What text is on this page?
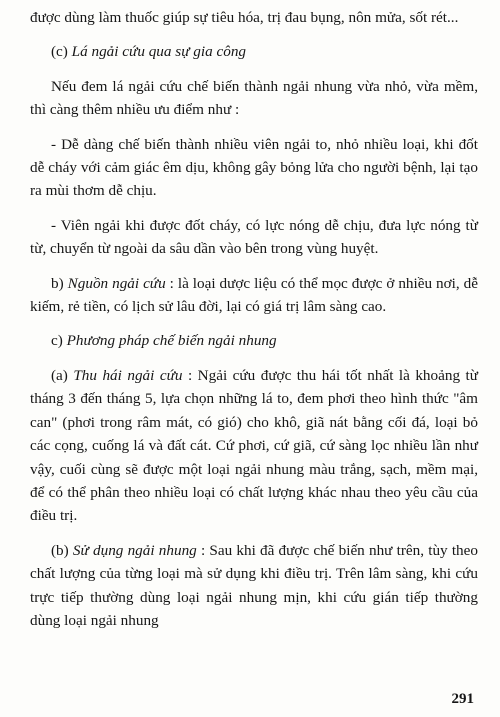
được dùng làm thuốc giúp sự tiêu hóa, trị đau bụng, nôn mửa, sốt rét...

(c) Lá ngải cứu qua sự gia công

Nếu đem lá ngải cứu chế biến thành ngải nhung vừa nhỏ, vừa mềm, thì càng thêm nhiều ưu điểm như :

- Dễ dàng chế biến thành nhiều viên ngải to, nhỏ nhiều loại, khi đốt dễ cháy với cảm giác êm dịu, không gây bỏng lửa cho người bệnh, lại tạo ra mùi thơm dễ chịu.

- Viên ngải khi được đốt cháy, có lực nóng dễ chịu, đưa lực nóng từ từ, chuyển từ ngoài da sâu dần vào bên trong vùng huyệt.

b) Nguồn ngải cứu : là loại dược liệu có thể mọc được ở nhiều nơi, dễ kiếm, rẻ tiền, có lịch sử lâu đời, lại có giá trị lâm sàng cao.

c) Phương pháp chế biến ngải nhung

(a) Thu hái ngải cứu : Ngải cứu được thu hái tốt nhất là khoảng từ tháng 3 đến tháng 5, lựa chọn những lá to, đem phơi theo hình thức "âm can" (phơi trong râm mát, có gió) cho khô, giã nát bằng cối đá, loại bỏ các cọng, cuống lá và đất cát. Cứ phơi, cứ giã, cứ sàng lọc nhiều lần như vậy, cuối cùng sẽ được một loại ngải nhung màu trắng, sạch, mềm mại, để có thể phân theo nhiều loại có chất lượng khác nhau theo yêu cầu của điều trị.

(b) Sử dụng ngải nhung : Sau khi đã được chế biến như trên, tùy theo chất lượng của từng loại mà sử dụng khi điều trị. Trên lâm sàng, khi cứu trực tiếp thường dùng loại ngải nhung mịn, khi cứu gián tiếp thường dùng loại ngải nhung

291
